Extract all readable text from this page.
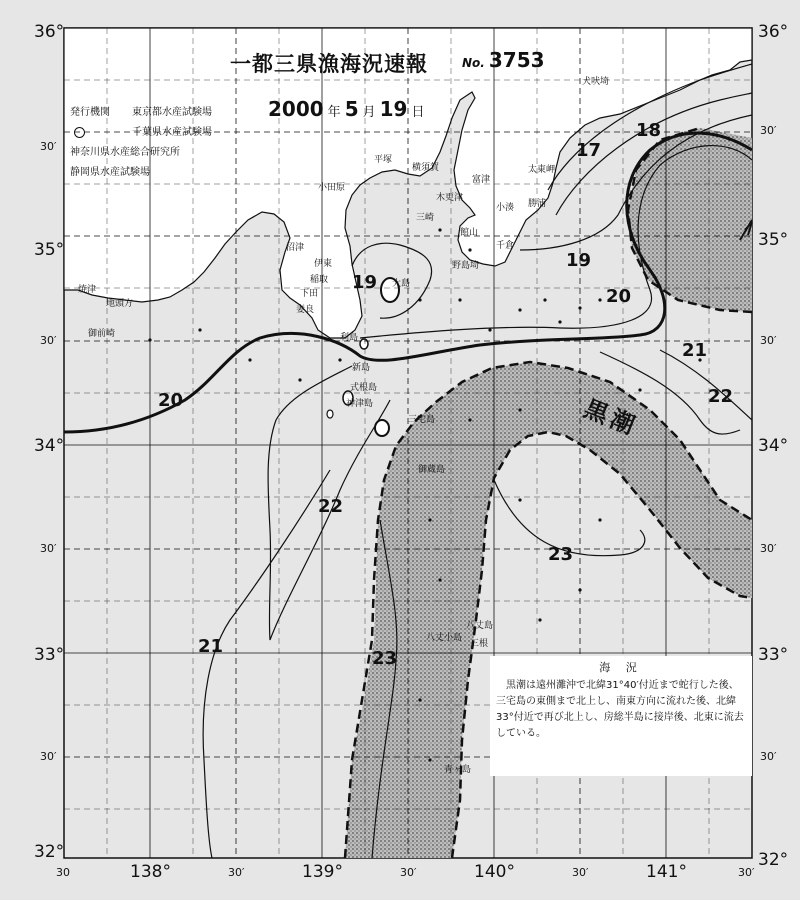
一都三県漁海況速報	No. 3753
2000 年 5 月 19 日
発行機関	東京都水産試験場
千葉県水産試験場
神奈川県水産総合研究所
静岡県水産試験場
36°
30′
35°
30′
34°
30′
33°
30′
32°
36°
30′
35°
30′
34°
30′
33°
30′
32°
30	138°	30′	139°	30′	140°	30′	141°	30′
17
18
19
19
20
20
21
21
22
22
23
23
黒潮
犬吠埼
太東岬
平塚
横須賀
小田原
木更津
富津
三崎
館山
小湊 勝浦
千倉
野島埼
沼津
伊東
焼津
御前崎
地頭方
稲取
下田
妻良
大島
利島
新島
式根島
神津島
三宅島
御蔵島
八丈島
八丈小島
三根
青ヶ島
海 況
黒潮は遠州灘沖で北緯31°40′付近まで蛇行した後、三宅島の東側まで北上し、南東方向に流れた後、北緯33°付近で再び北上し、房総半島に接岸後、北東に流去している。
